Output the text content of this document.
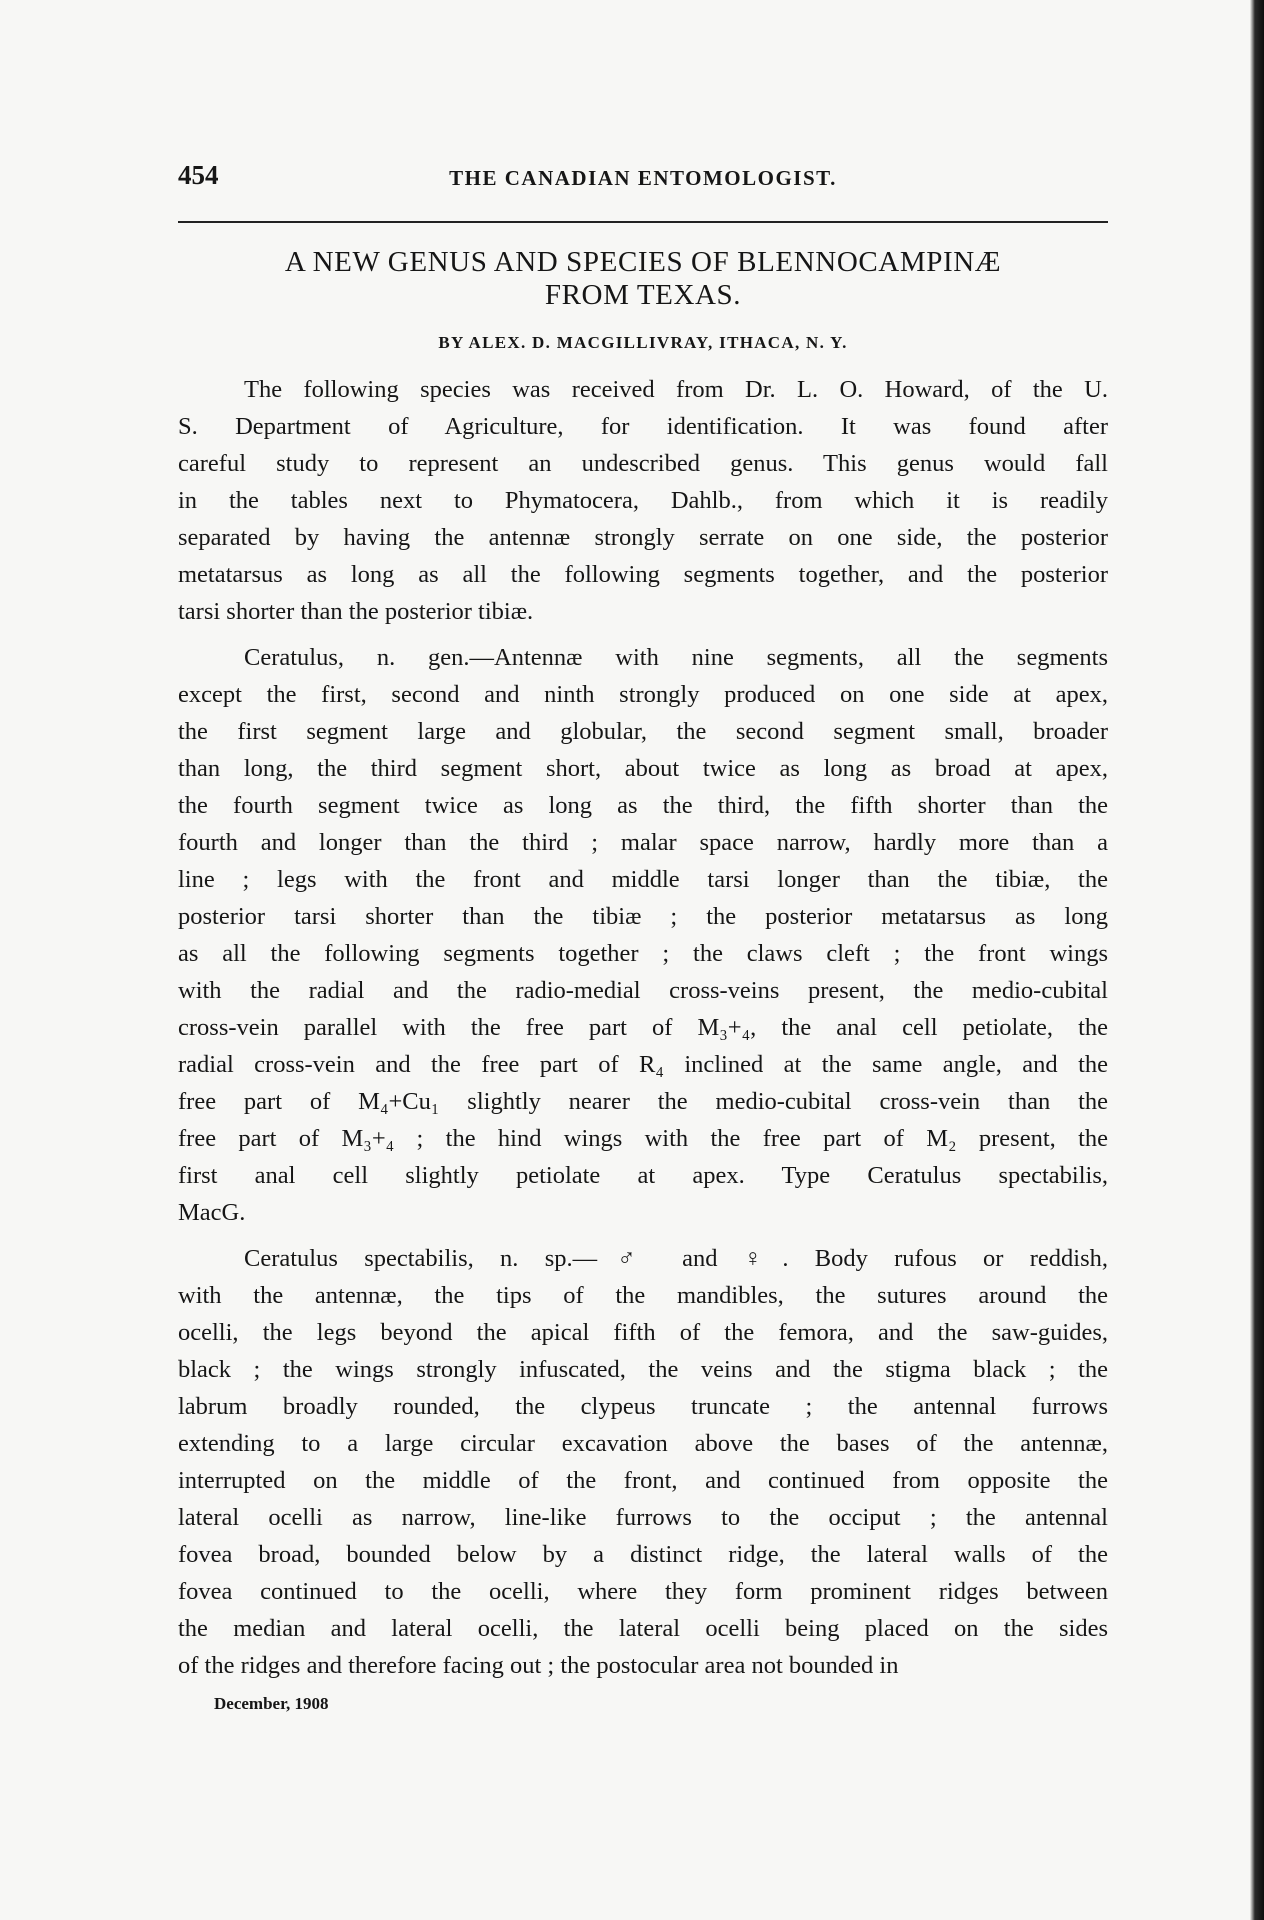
454	THE CANADIAN ENTOMOLOGIST.
A NEW GENUS AND SPECIES OF BLENNOCAMPINÆ
FROM TEXAS.
BY ALEX. D. MACGILLIVRAY, ITHACA, N. Y.
The following species was received from Dr. L. O. Howard, of the U.
S. Department of Agriculture, for identification. It was found after
careful study to represent an undescribed genus. This genus would fall
in the tables next to Phymatocera, Dahlb., from which it is readily
separated by having the antennæ strongly serrate on one side, the posterior
metatarsus as long as all the following segments together, and the posterior
tarsi shorter than the posterior tibiæ.
Ceratulus, n. gen.—Antennæ with nine segments, all the segments
except the first, second and ninth strongly produced on one side at apex,
the first segment large and globular, the second segment small, broader
than long, the third segment short, about twice as long as broad at apex,
the fourth segment twice as long as the third, the fifth shorter than the
fourth and longer than the third ; malar space narrow, hardly more than a
line ; legs with the front and middle tarsi longer than the tibiæ, the
posterior tarsi shorter than the tibiæ ; the posterior metatarsus as long
as all the following segments together ; the claws cleft ; the front wings
with the radial and the radio-medial cross-veins present, the medio-cubital
cross-vein parallel with the free part of M₃+₄, the anal cell petiolate, the
radial cross-vein and the free part of R₄ inclined at the same angle, and the
free part of M₄+Cu₁ slightly nearer the medio-cubital cross-vein than the
free part of M₃+₄ ; the hind wings with the free part of M₂ present, the
first anal cell slightly petiolate at apex. Type Ceratulus spectabilis,
MacG.
Ceratulus spectabilis, n. sp.—♂ and ♀. Body rufous or reddish,
with the antennæ, the tips of the mandibles, the sutures around the
ocelli, the legs beyond the apical fifth of the femora, and the saw-guides,
black ; the wings strongly infuscated, the veins and the stigma black ; the
labrum broadly rounded, the clypeus truncate ; the antennal furrows
extending to a large circular excavation above the bases of the antennæ,
interrupted on the middle of the front, and continued from opposite the
lateral ocelli as narrow, line-like furrows to the occiput ; the antennal
fovea broad, bounded below by a distinct ridge, the lateral walls of the
fovea continued to the ocelli, where they form prominent ridges between
the median and lateral ocelli, the lateral ocelli being placed on the sides
of the ridges and therefore facing out ; the postocular area not bounded in
December, 1908
